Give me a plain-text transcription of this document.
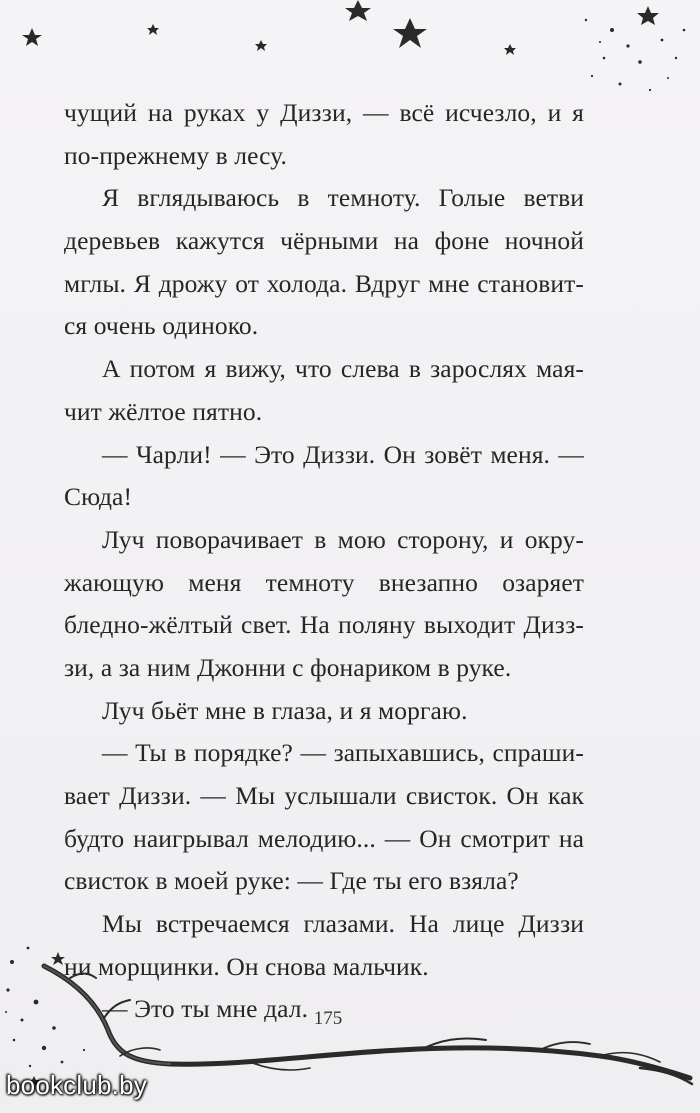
чущий на руках у Диззи, — всё исчезло, и я
по-прежнему в лесу.
Я вглядываюсь в темноту. Голые ветви
деревьев кажутся чёрными на фоне ночной
мглы. Я дрожу от холода. Вдруг мне становит-
ся очень одиноко.
А потом я вижу, что слева в зарослях мая-
чит жёлтое пятно.
— Чарли! — Это Диззи. Он зовёт меня. —
Сюда!
Луч поворачивает в мою сторону, и окру-
жающую меня темноту внезапно озаряет
бледно-жёлтый свет. На поляну выходит Дизз-
зи, а за ним Джонни с фонариком в руке.
Луч бьёт мне в глаза, и я моргаю.
— Ты в порядке? — запыхавшись, спраши-
вает Диззи. — Мы услышали свисток. Он как
будто наигрывал мелодию... — Он смотрит на
свисток в моей руке: — Где ты его взяла?
Мы встречаемся глазами. На лице Диззи
ни морщинки. Он снова мальчик.
— Это ты мне дал. 175
bookclub.by
